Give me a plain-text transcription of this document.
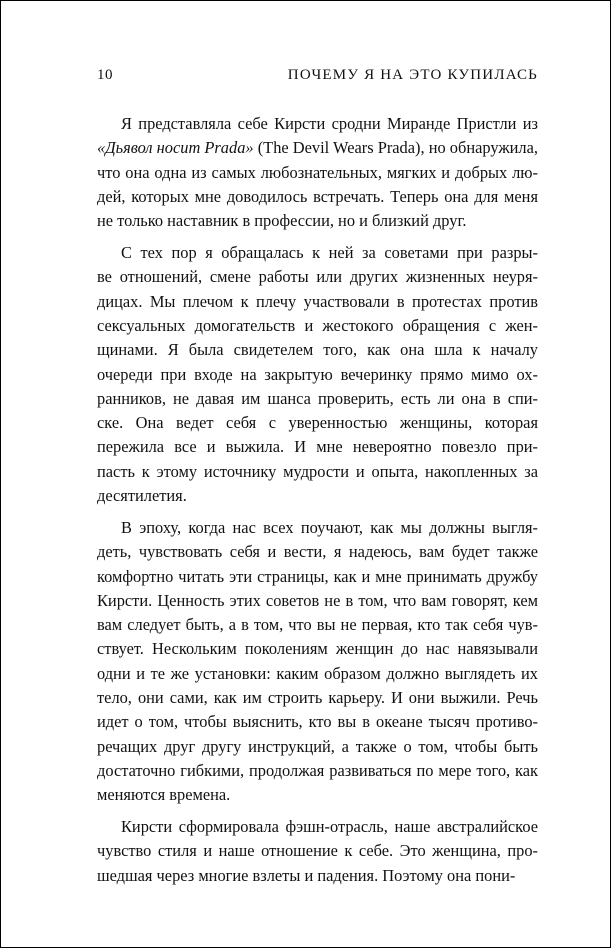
10	ПОЧЕМУ Я НА ЭТО КУПИЛАСЬ

Я представляла себе Кирсти сродни Миранде Пристли из
«Дьявол носит Prada» (The Devil Wears Prada), но обнаружила,
что она одна из самых любознательных, мягких и добрых лю-
дей, которых мне доводилось встречать. Теперь она для меня
не только наставник в профессии, но и близкий друг.

С тех пор я обращалась к ней за советами при разры-
ве отношений, смене работы или других жизненных неуря-
дицах. Мы плечом к плечу участвовали в протестах против
сексуальных домогательств и жестокого обращения с жен-
щинами. Я была свидетелем того, как она шла к началу
очереди при входе на закрытую вечеринку прямо мимо ох-
ранников, не давая им шанса проверить, есть ли она в спи-
ске. Она ведет себя с уверенностью женщины, которая
пережила все и выжила. И мне невероятно повезло при-
пасть к этому источнику мудрости и опыта, накопленных за
десятилетия.

В эпоху, когда нас всех поучают, как мы должны выгля-
деть, чувствовать себя и вести, я надеюсь, вам будет также
комфортно читать эти страницы, как и мне принимать дружбу
Кирсти. Ценность этих советов не в том, что вам говорят, кем
вам следует быть, а в том, что вы не первая, кто так себя чув-
ствует. Нескольким поколениям женщин до нас навязывали
одни и те же установки: каким образом должно выглядеть их
тело, они сами, как им строить карьеру. И они выжили. Речь
идет о том, чтобы выяснить, кто вы в океане тысяч противо-
речащих друг другу инструкций, а также о том, чтобы быть
достаточно гибкими, продолжая развиваться по мере того, как
меняются времена.

Кирсти сформировала фэшн-отрасль, наше австралийское
чувство стиля и наше отношение к себе. Это женщина, про-
шедшая через многие взлеты и падения. Поэтому она пони-
